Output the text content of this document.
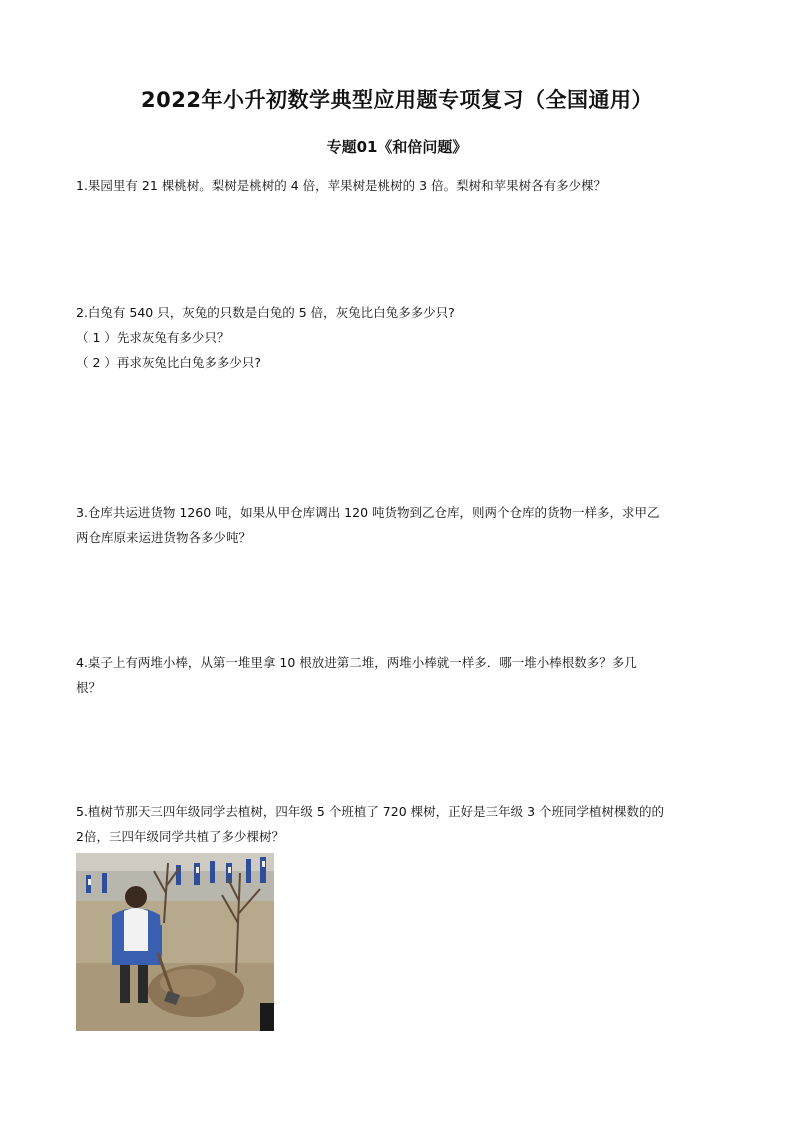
2022年小升初数学典型应用题专项复习（全国通用）
专题01《和倍问题》

1.果园里有 21 棵桃树。梨树是桃树的 4 倍，苹果树是桃树的 3 倍。梨树和苹果树各有多少棵？

2.白兔有 540 只，灰兔的只数是白兔的 5 倍，灰兔比白兔多多少只?

（ 1 ）先求灰兔有多少只？

（ 2 ）再求灰兔比白兔多多少只?

3.仓库共运进货物 1260 吨，如果从甲仓库调出 120 吨货物到乙仓库，则两个仓库的货物一样多，求甲乙

两仓库原来运进货物各多少吨？

4.桌子上有两堆小棒，从第一堆里拿 10 根放进第二堆，两堆小棒就一样多．哪一堆小棒根数多？多几

根？

5.植树节那天三四年级同学去植树，四年级 5 个班植了 720 棵树，正好是三年级 3 个班同学植树棵数的的

2倍，三四年级同学共植了多少棵树？
